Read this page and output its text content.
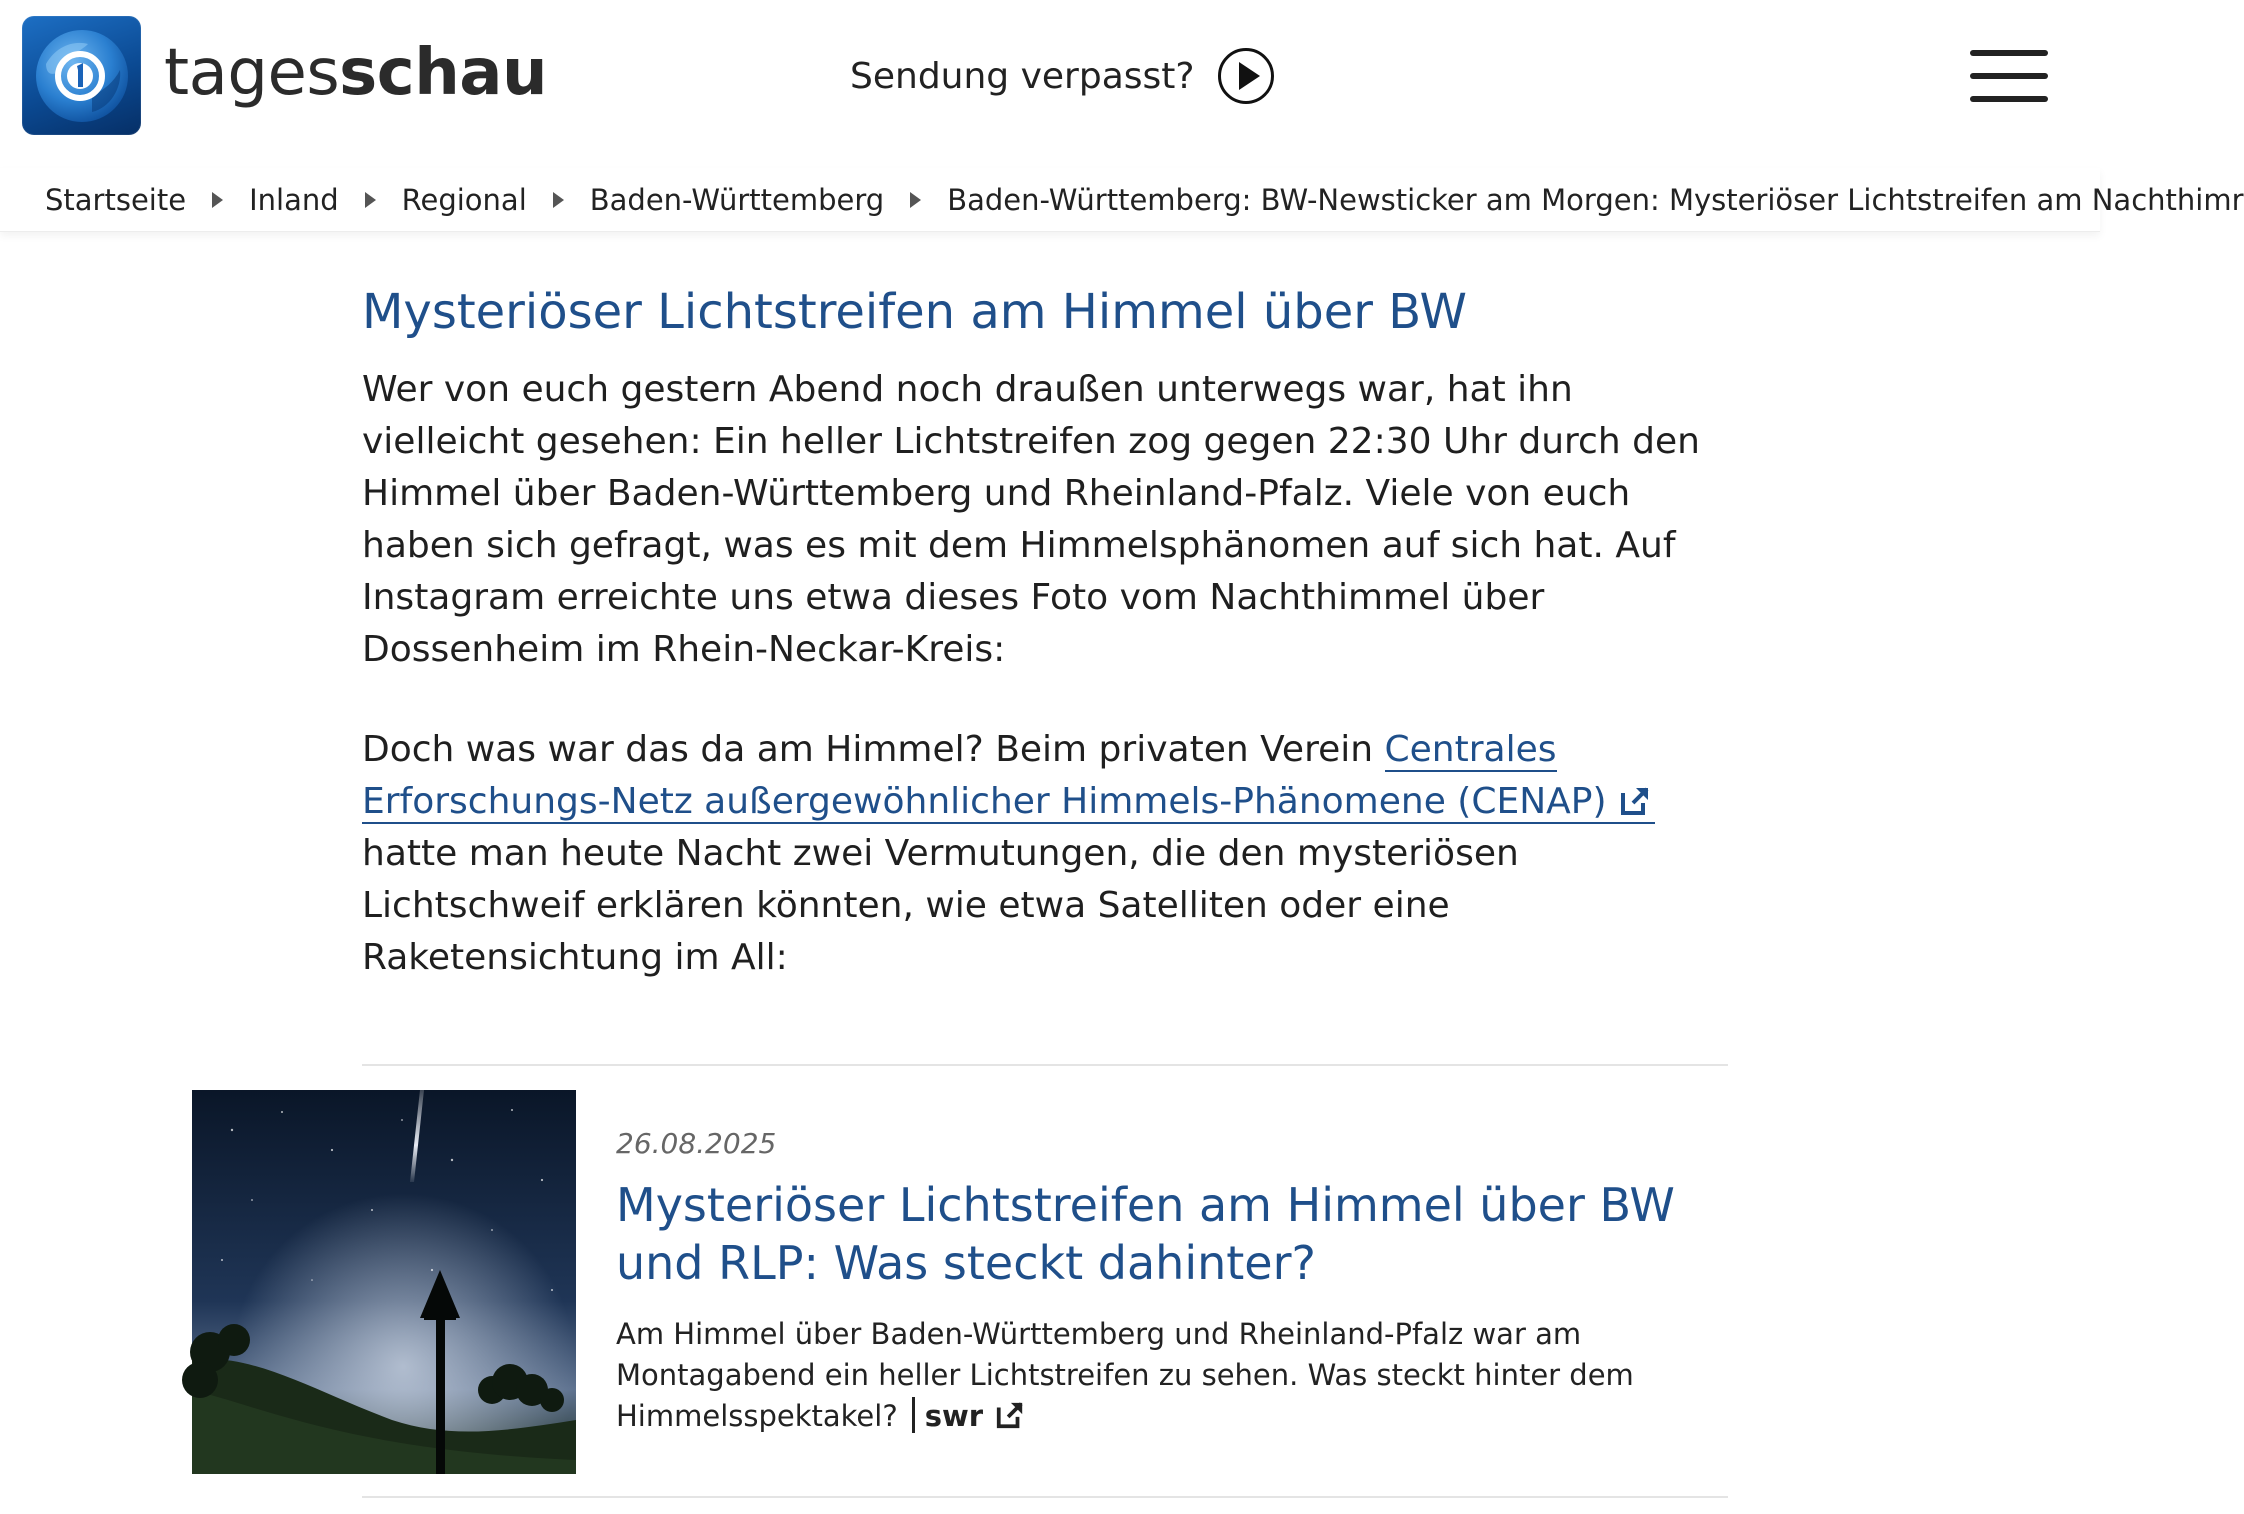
tagesschau	Sendung verpasst?
Startseite Inland Regional Baden-Württemberg Baden-Württemberg: BW-Newsticker am Morgen: Mysteriöser Lichtstreifen am Nachthimr
Mysteriöser Lichtstreifen am Himmel über BW

Wer von euch gestern Abend noch draußen unterwegs war, hat ihn vielleicht gesehen: Ein heller Lichtstreifen zog gegen 22:30 Uhr durch den Himmel über Baden-Württemberg und Rheinland-Pfalz. Viele von euch haben sich gefragt, was es mit dem Himmelsphänomen auf sich hat. Auf Instagram erreichte uns etwa dieses Foto vom Nachthimmel über Dossenheim im Rhein-Neckar-Kreis:

Doch was war das da am Himmel? Beim privaten Verein Centrales Erforschungs-Netz außergewöhnlicher Himmels-Phänomene (CENAP)hatte man heute Nacht zwei Vermutungen, die den mysteriösen Lichtschweif erklären könnten, wie etwa Satelliten oder eine Raketensichtung im All:

26.08.2025
Mysteriöser Lichtstreifen am Himmel über BW und RLP: Was steckt dahinter?
Am Himmel über Baden-Württemberg und Rheinland-Pfalz war am Montagabend ein heller Lichtstreifen zu sehen. Was steckt hinter dem Himmelsspektakel? swr
